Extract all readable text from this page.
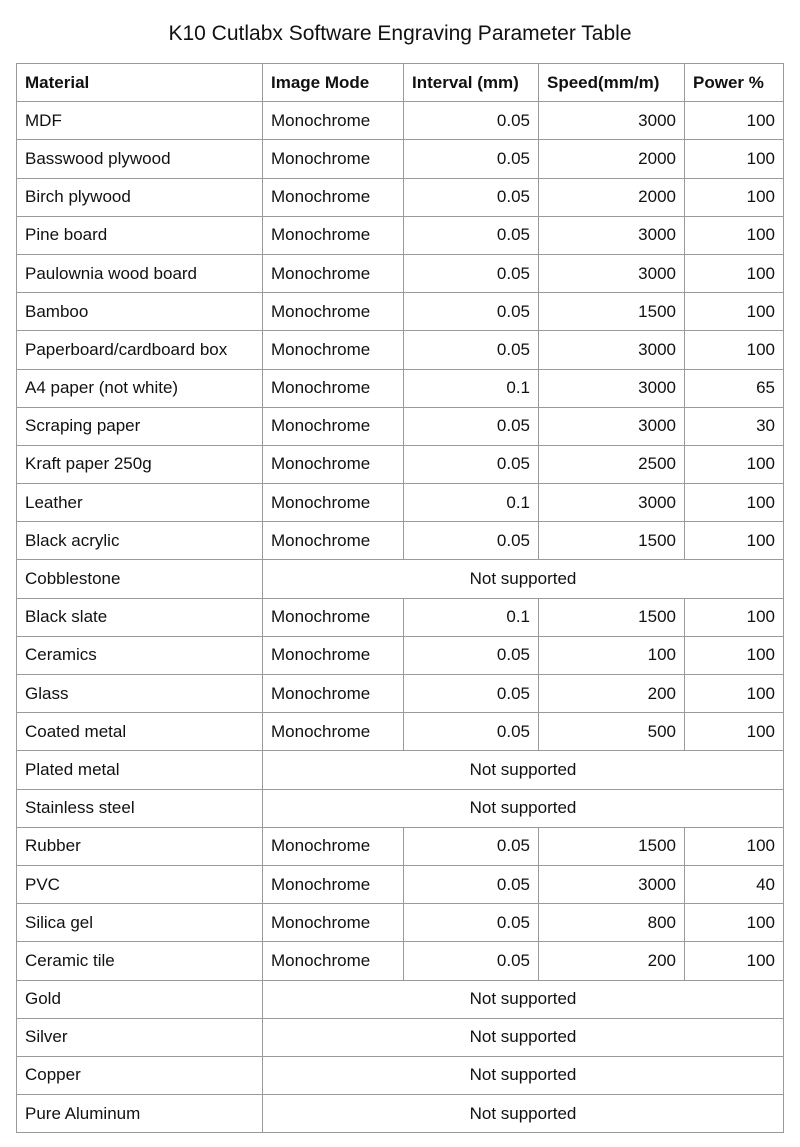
K10 Cutlabx Software Engraving Parameter Table
Material	Image Mode	Interval (mm)	Speed(mm/m)	Power %
MDF	Monochrome	0.05	3000	100
Basswood plywood	Monochrome	0.05	2000	100
Birch plywood	Monochrome	0.05	2000	100
Pine board	Monochrome	0.05	3000	100
Paulownia wood board	Monochrome	0.05	3000	100
Bamboo	Monochrome	0.05	1500	100
Paperboard/cardboard box	Monochrome	0.05	3000	100
A4 paper (not white)	Monochrome	0.1	3000	65
Scraping paper	Monochrome	0.05	3000	30
Kraft paper 250g	Monochrome	0.05	2500	100
Leather	Monochrome	0.1	3000	100
Black acrylic	Monochrome	0.05	1500	100
Cobblestone	Not supported			
Black slate	Monochrome	0.1	1500	100
Ceramics	Monochrome	0.05	100	100
Glass	Monochrome	0.05	200	100
Coated metal	Monochrome	0.05	500	100
Plated metal	Not supported			
Stainless steel	Not supported			
Rubber	Monochrome	0.05	1500	100
PVC	Monochrome	0.05	3000	40
Silica gel	Monochrome	0.05	800	100
Ceramic tile	Monochrome	0.05	200	100
Gold	Not supported			
Silver	Not supported			
Copper	Not supported			
Pure Aluminum	Not supported			
